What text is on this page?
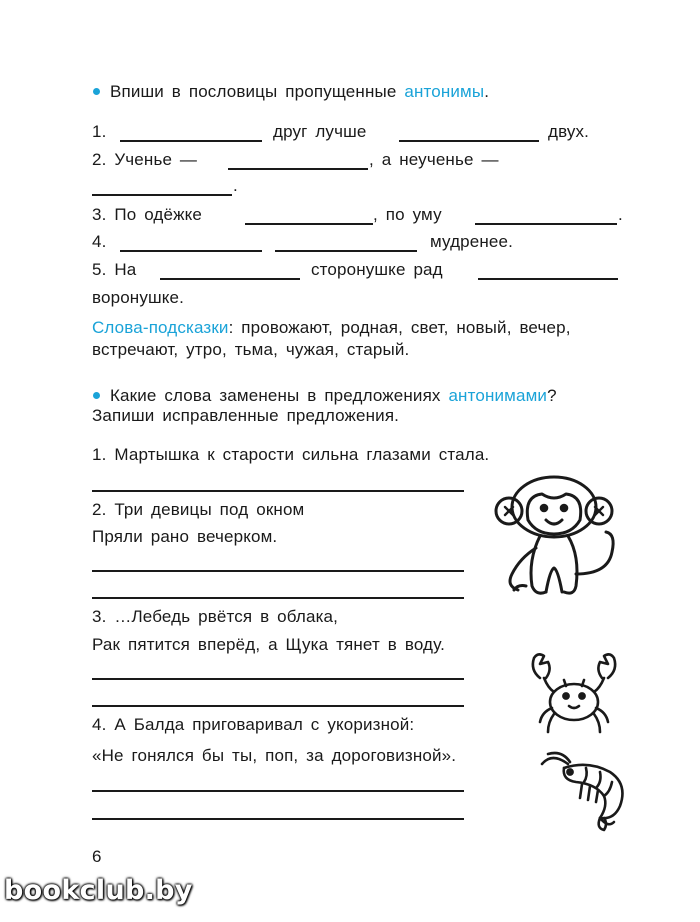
Впиши в пословицы пропущенные антонимы.
1.	друг лучше	двух.
2. Ученье —	, а неученье —
.
3. По одёжке	, по уму	.
4.	мудренее.
5. На	сторонушке рад
воронушке.
Слова-подсказки: провожают, родная, свет, новый, вечер,
встречают, утро, тьма, чужая, старый.
Какие слова заменены в предложениях антонимами?
Запиши исправленные предложения.
1. Мартышка к старости сильна глазами стала.
2. Три девицы под окном
Пряли рано вечерком.
3. …Лебедь рвётся в облака,
Рак пятится вперёд, а Щука тянет в воду.
4. А Балда приговаривал с укоризной:
«Не гонялся бы ты, поп, за дороговизной».
6
bookclub.by
